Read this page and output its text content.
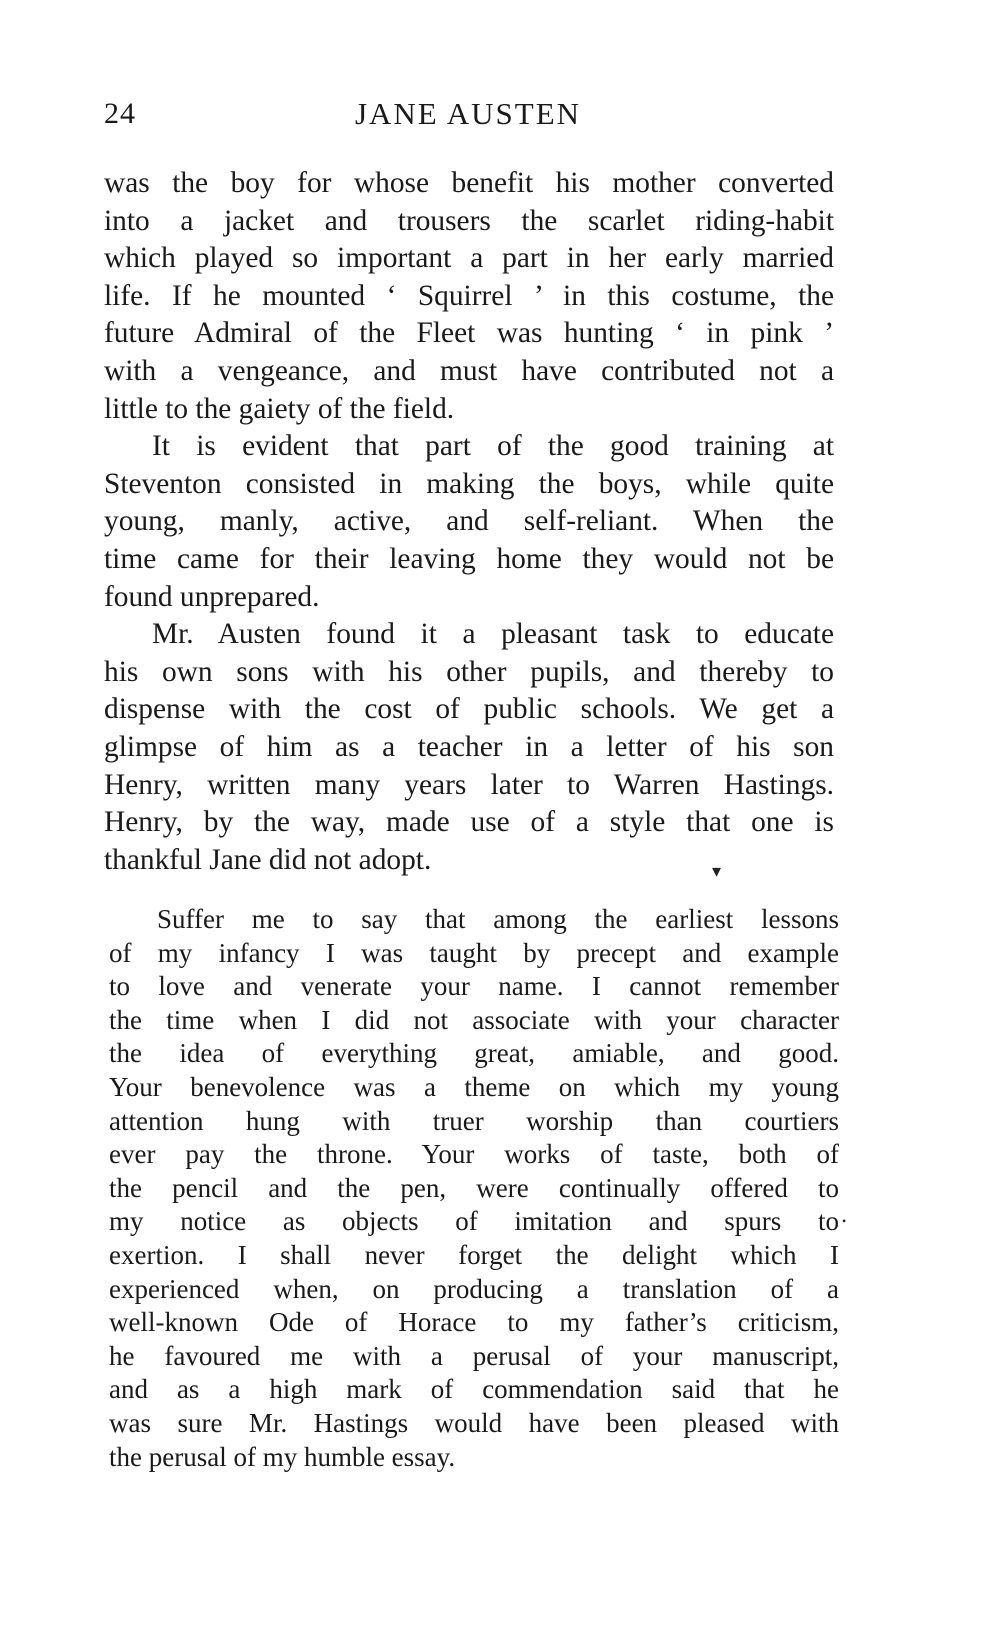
24	JANE AUSTEN
was the boy for whose benefit his mother converted
into a jacket and trousers the scarlet riding-habit
which played so important a part in her early married
life. If he mounted ‘ Squirrel ’ in this costume, the
future Admiral of the Fleet was hunting ‘ in pink ’
with a vengeance, and must have contributed not a
little to the gaiety of the field.
It is evident that part of the good training at
Steventon consisted in making the boys, while quite
young, manly, active, and self-reliant. When the
time came for their leaving home they would not be
found unprepared.
Mr. Austen found it a pleasant task to educate
his own sons with his other pupils, and thereby to
dispense with the cost of public schools. We get a
glimpse of him as a teacher in a letter of his son
Henry, written many years later to Warren Hastings.
Henry, by the way, made use of a style that one is
thankful Jane did not adopt.
Suffer me to say that among the earliest lessons
of my infancy I was taught by precept and example
to love and venerate your name. I cannot remember
the time when I did not associate with your character
the idea of everything great, amiable, and good.
Your benevolence was a theme on which my young
attention hung with truer worship than courtiers
ever pay the throne. Your works of taste, both of
the pencil and the pen, were continually offered to
my notice as objects of imitation and spurs to
exertion. I shall never forget the delight which I
experienced when, on producing a translation of a
well-known Ode of Horace to my father’s criticism,
he favoured me with a perusal of your manuscript,
and as a high mark of commendation said that he
was sure Mr. Hastings would have been pleased with
the perusal of my humble essay.
▾
•
